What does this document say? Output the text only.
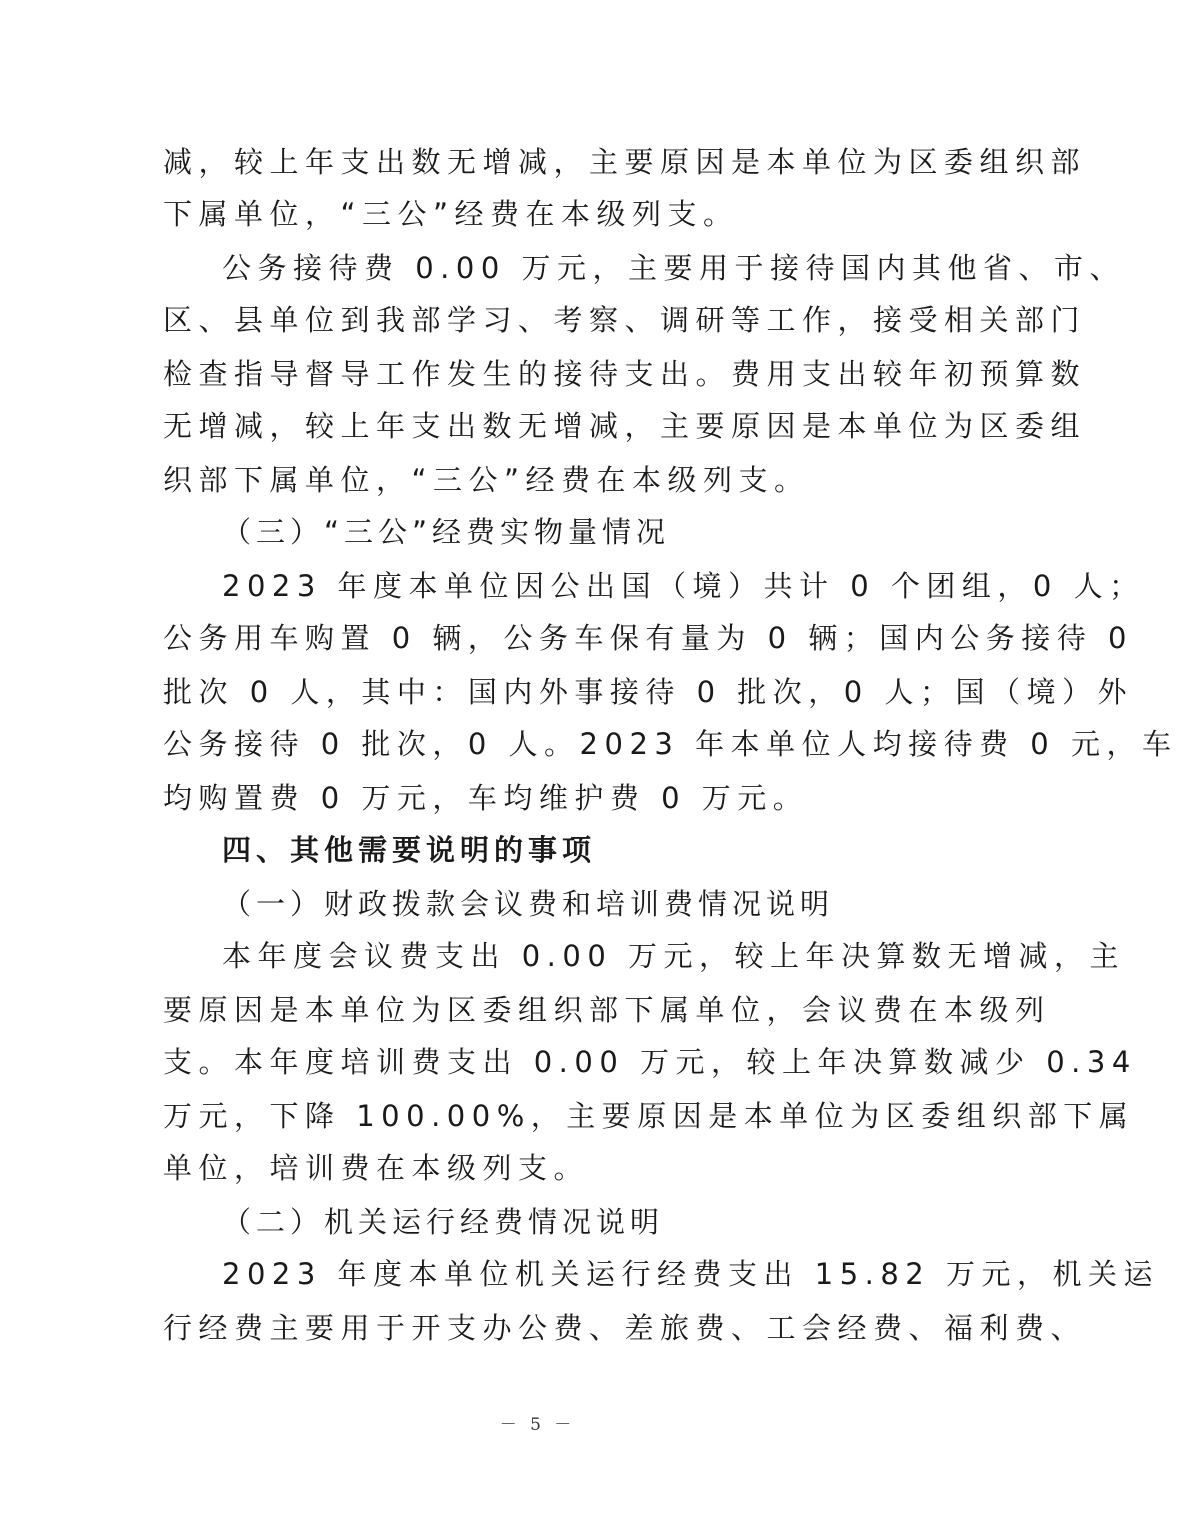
减，较上年支出数无增减，主要原因是本单位为区委组织部
下属单位，“三公”经费在本级列支。
公务接待费 0.00 万元，主要用于接待国内其他省、市、
区、县单位到我部学习、考察、调研等工作，接受相关部门
检查指导督导工作发生的接待支出。费用支出较年初预算数
无增减，较上年支出数无增减，主要原因是本单位为区委组
织部下属单位，“三公”经费在本级列支。
（三）“三公”经费实物量情况
2023 年度本单位因公出国（境）共计 0 个团组，0 人；
公务用车购置 0 辆，公务车保有量为 0 辆；国内公务接待 0
批次 0 人，其中：国内外事接待 0 批次，0 人；国（境）外
公务接待 0 批次，0 人。2023 年本单位人均接待费 0 元，车
均购置费 0 万元，车均维护费 0 万元。
四、其他需要说明的事项
（一）财政拨款会议费和培训费情况说明
本年度会议费支出 0.00 万元，较上年决算数无增减，主
要原因是本单位为区委组织部下属单位，会议费在本级列
支。本年度培训费支出 0.00 万元，较上年决算数减少 0.34
万元，下降 100.00%，主要原因是本单位为区委组织部下属
单位，培训费在本级列支。
（二）机关运行经费情况说明
2023 年度本单位机关运行经费支出 15.82 万元，机关运
行经费主要用于开支办公费、差旅费、工会经费、福利费、
－ 5 －
